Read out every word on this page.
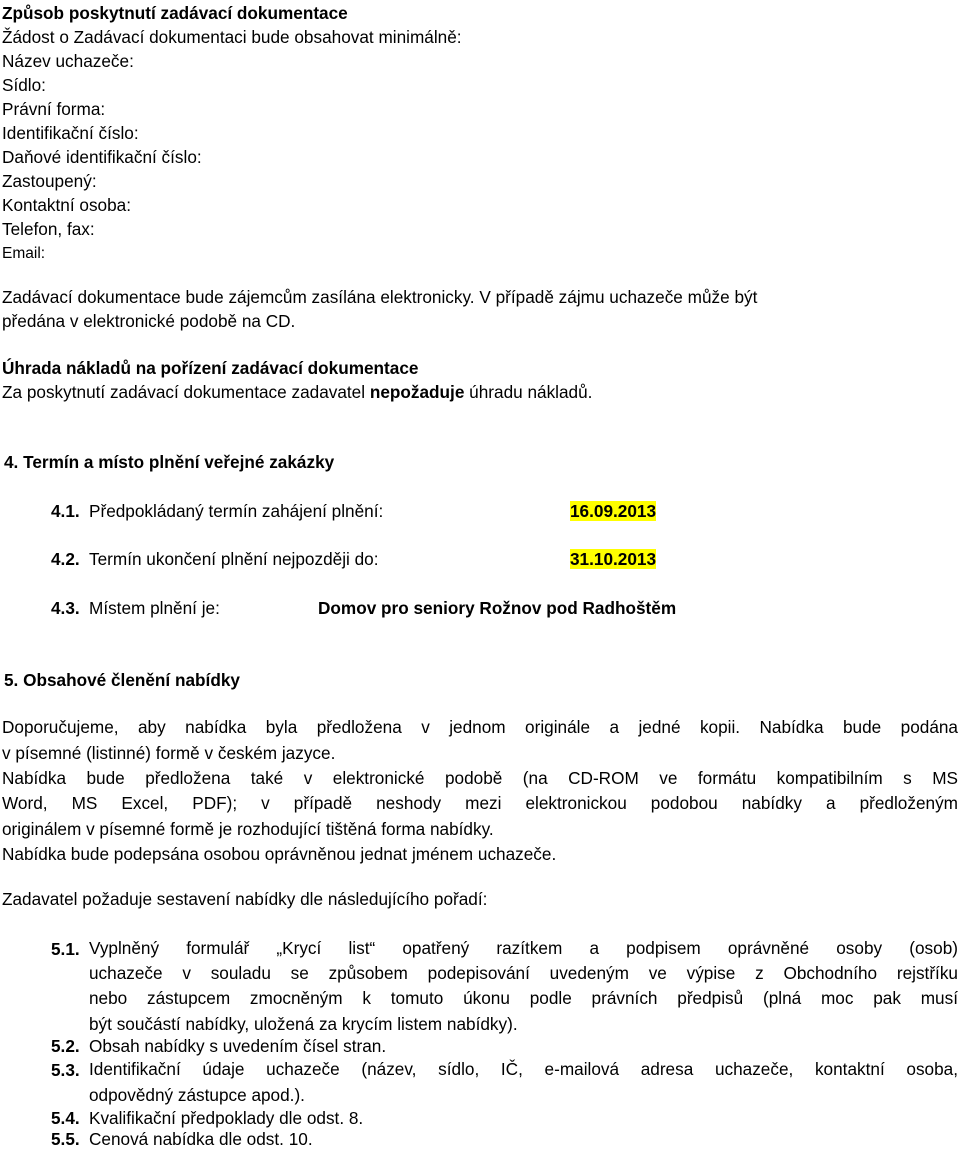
Způsob poskytnutí zadávací dokumentace
Žádost o Zadávací dokumentaci bude obsahovat minimálně:
Název uchazeče:
Sídlo:
Právní forma:
Identifikační číslo:
Daňové identifikační číslo:
Zastoupený:
Kontaktní osoba:
Telefon, fax:
Email:
Zadávací dokumentace bude zájemcům zasílána elektronicky. V případě zájmu uchazeče může být
předána v elektronické podobě na CD.
Úhrada nákladů na pořízení zadávací dokumentace
Za poskytnutí zadávací dokumentace zadavatel nepožaduje úhradu nákladů.
4. Termín a místo plnění veřejné zakázky
4.1. Předpokládaný termín zahájení plnění:	16.09.2013
4.2. Termín ukončení plnění nejpozději do:	31.10.2013
4.3. Místem plnění je:	Domov pro seniory Rožnov pod Radhoštěm
5. Obsahové členění nabídky
Doporučujeme, aby nabídka byla předložena v jednom originále a jedné kopii. Nabídka bude podána
v písemné (listinné) formě v českém jazyce.
Nabídka bude předložena také v elektronické podobě (na CD-ROM ve formátu kompatibilním s MS
Word, MS Excel, PDF); v případě neshody mezi elektronickou podobou nabídky a předloženým
originálem v písemné formě je rozhodující tištěná forma nabídky.
Nabídka bude podepsána osobou oprávněnou jednat jménem uchazeče.
Zadavatel požaduje sestavení nabídky dle následujícího pořadí:
5.1. Vyplněný formulář „Krycí list“ opatřený razítkem a podpisem oprávněné osoby (osob)
uchazeče v souladu se způsobem podepisování uvedeným ve výpise z Obchodního rejstříku
nebo zástupcem zmocněným k tomuto úkonu podle právních předpisů (plná moc pak musí
být součástí nabídky, uložená za krycím listem nabídky).
5.2. Obsah nabídky s uvedením čísel stran.
5.3. Identifikační údaje uchazeče (název, sídlo, IČ, e-mailová adresa uchazeče, kontaktní osoba,
odpovědný zástupce apod.).
5.4. Kvalifikační předpoklady dle odst. 8.
5.5. Cenová nabídka dle odst. 10.
